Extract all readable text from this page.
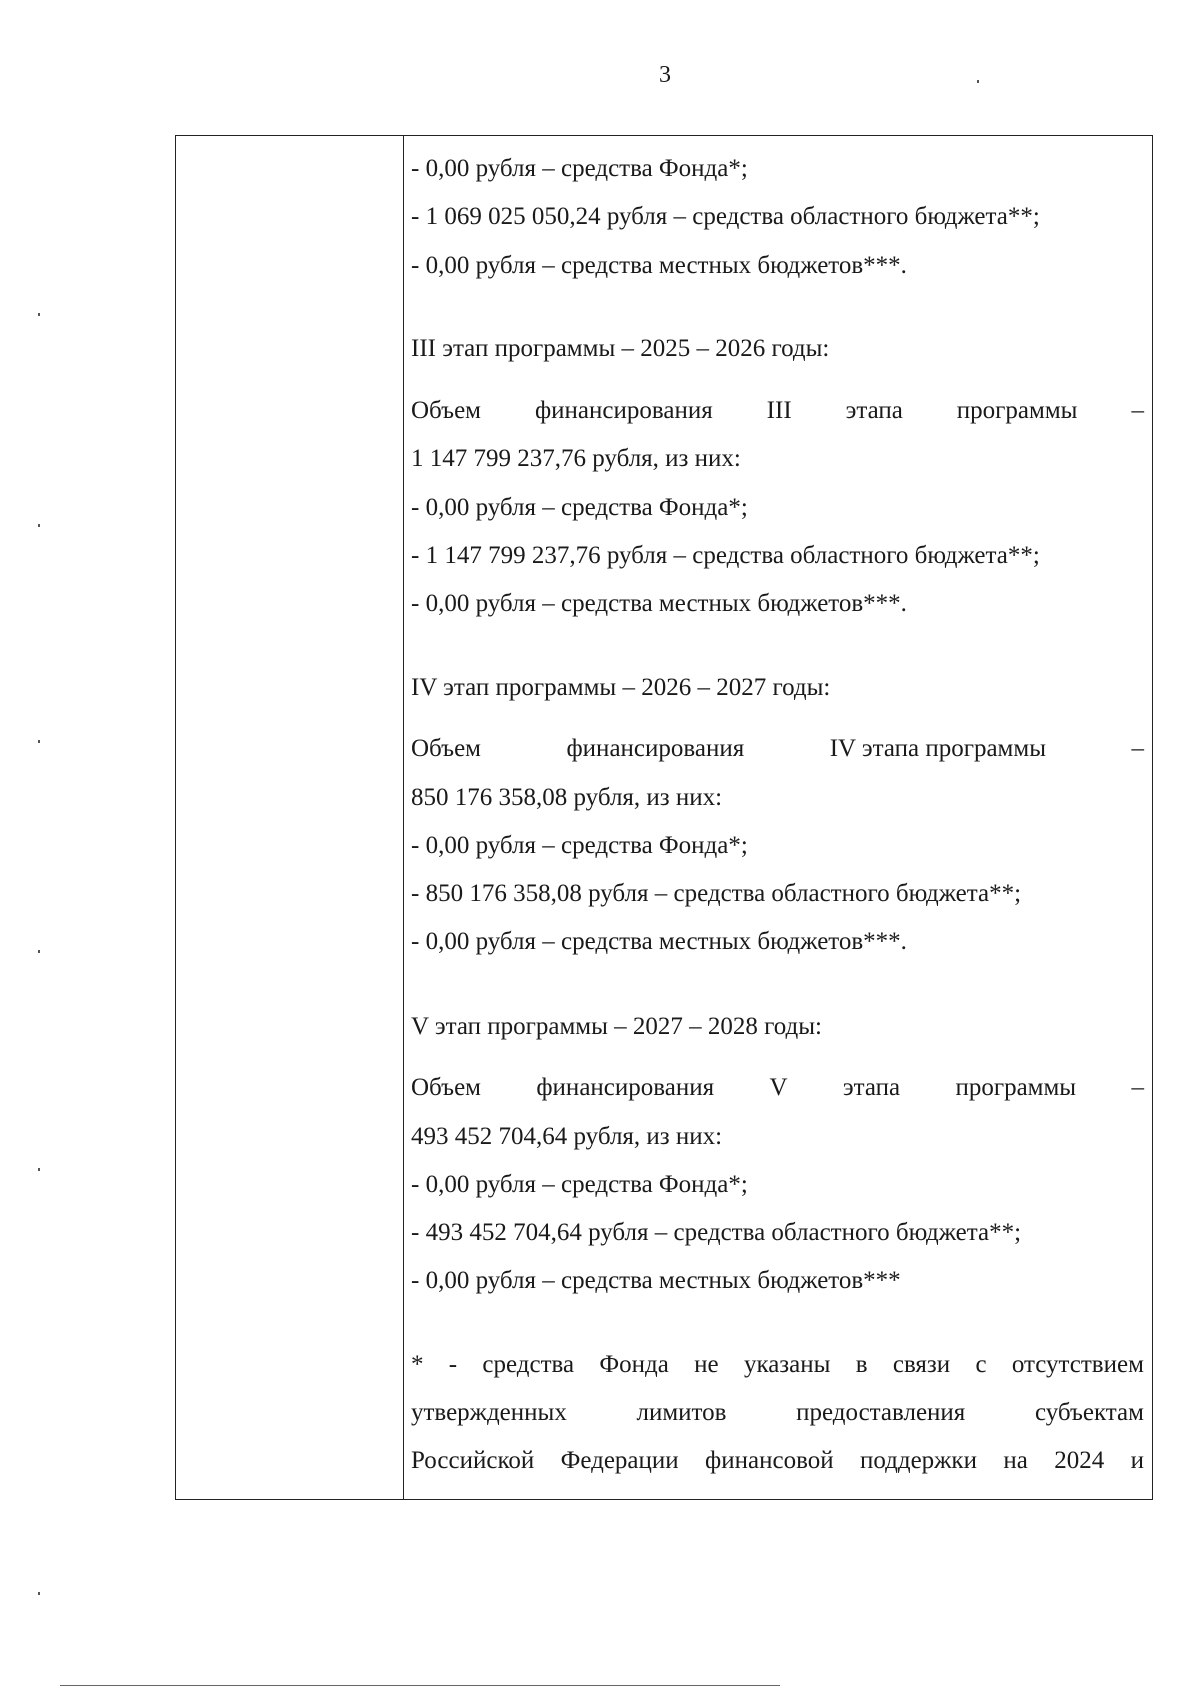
3
- 0,00 рубля – средства Фонда*;
- 1 069 025 050,24 рубля – средства областного бюджета**;
- 0,00 рубля – средства местных бюджетов***.
III этап программы – 2025 – 2026 годы:
Объем финансирования III этапа программы –
1 147 799 237,76 рубля, из них:
- 0,00 рубля – средства Фонда*;
- 1 147 799 237,76 рубля – средства областного бюджета**;
- 0,00 рубля – средства местных бюджетов***.
IV этап программы – 2026 – 2027 годы:
Объем	финансирования	IV этапа программы	–
850 176 358,08 рубля, из них:
- 0,00 рубля – средства Фонда*;
- 850 176 358,08 рубля – средства областного бюджета**;
- 0,00 рубля – средства местных бюджетов***.
V этап программы – 2027 – 2028 годы:
Объем финансирования V этапа программы –
493 452 704,64 рубля, из них:
- 0,00 рубля – средства Фонда*;
- 493 452 704,64 рубля – средства областного бюджета**;
- 0,00 рубля – средства местных бюджетов***
* - средства Фонда не указаны в связи с отсутствием
утвержденных	лимитов	предоставления	субъектам
Российской Федерации финансовой поддержки на 2024 и
